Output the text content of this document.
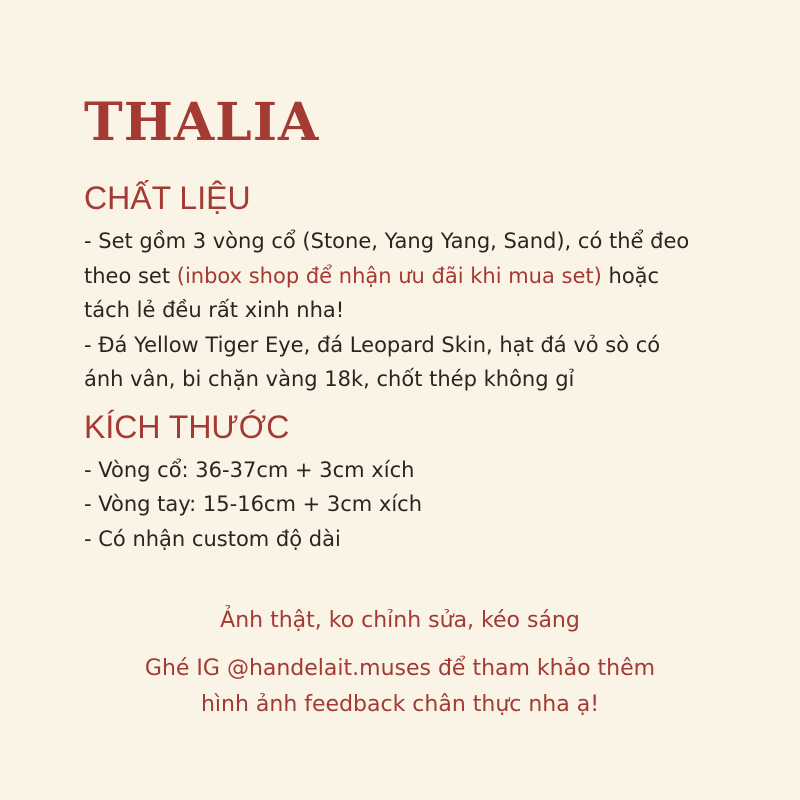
THALIA
CHẤT LIỆU

- Set gồm 3 vòng cổ (Stone, Yang Yang, Sand), có thể đeo

theo set (inbox shop để nhận ưu đãi khi mua set) hoặc

tách lẻ đều rất xinh nha!

- Đá Yellow Tiger Eye, đá Leopard Skin, hạt đá vỏ sò có

ánh vân, bi chặn vàng 18k, chốt thép không gỉ

KÍCH THƯỚC

- Vòng cổ: 36-37cm + 3cm xích

- Vòng tay: 15-16cm + 3cm xích

- Có nhận custom độ dài

Ảnh thật, ko chỉnh sửa, kéo sáng
Ghé IG @handelait.muses để tham khảo thêm
hình ảnh feedback chân thực nha ạ!
